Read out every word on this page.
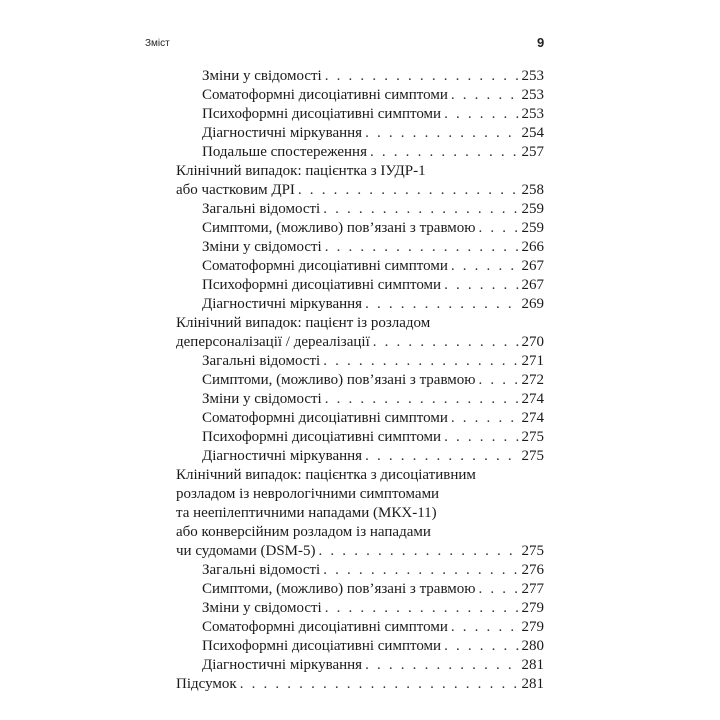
Зміст	9
Зміни у свідомості . . .	253
Соматоформні дисоціативні симптоми . . .	253
Психоформні дисоціативні симптоми . . .	253
Діагностичні міркування . . .	254
Подальше спостереження . . .	257
Клінічний випадок: пацієнтка з ІУДР-1
або частковим ДРІ . . .	258
Загальні відомості . . .	259
Симптоми, (можливо) пов’язані з травмою . . .	259
Зміни у свідомості . . .	266
Соматоформні дисоціативні симптоми . . .	267
Психоформні дисоціативні симптоми . . .	267
Діагностичні міркування . . .	269
Клінічний випадок: пацієнт із розладом
деперсоналізації / дереалізації . . .	270
Загальні відомості . . .	271
Симптоми, (можливо) пов’язані з травмою . . .	272
Зміни у свідомості . . .	274
Соматоформні дисоціативні симптоми . . .	274
Психоформні дисоціативні симптоми . . .	275
Діагностичні міркування . . .	275
Клінічний випадок: пацієнтка з дисоціативним
розладом із неврологічними симптомами
та неепілептичними нападами (МКХ-11)
або конверсійним розладом із нападами
чи судомами (DSM-5) . . .	275
Загальні відомості . . .	276
Симптоми, (можливо) пов’язані з травмою . . .	277
Зміни у свідомості . . .	279
Соматоформні дисоціативні симптоми . . .	279
Психоформні дисоціативні симптоми . . .	280
Діагностичні міркування . . .	281
Підсумок . . .	281
